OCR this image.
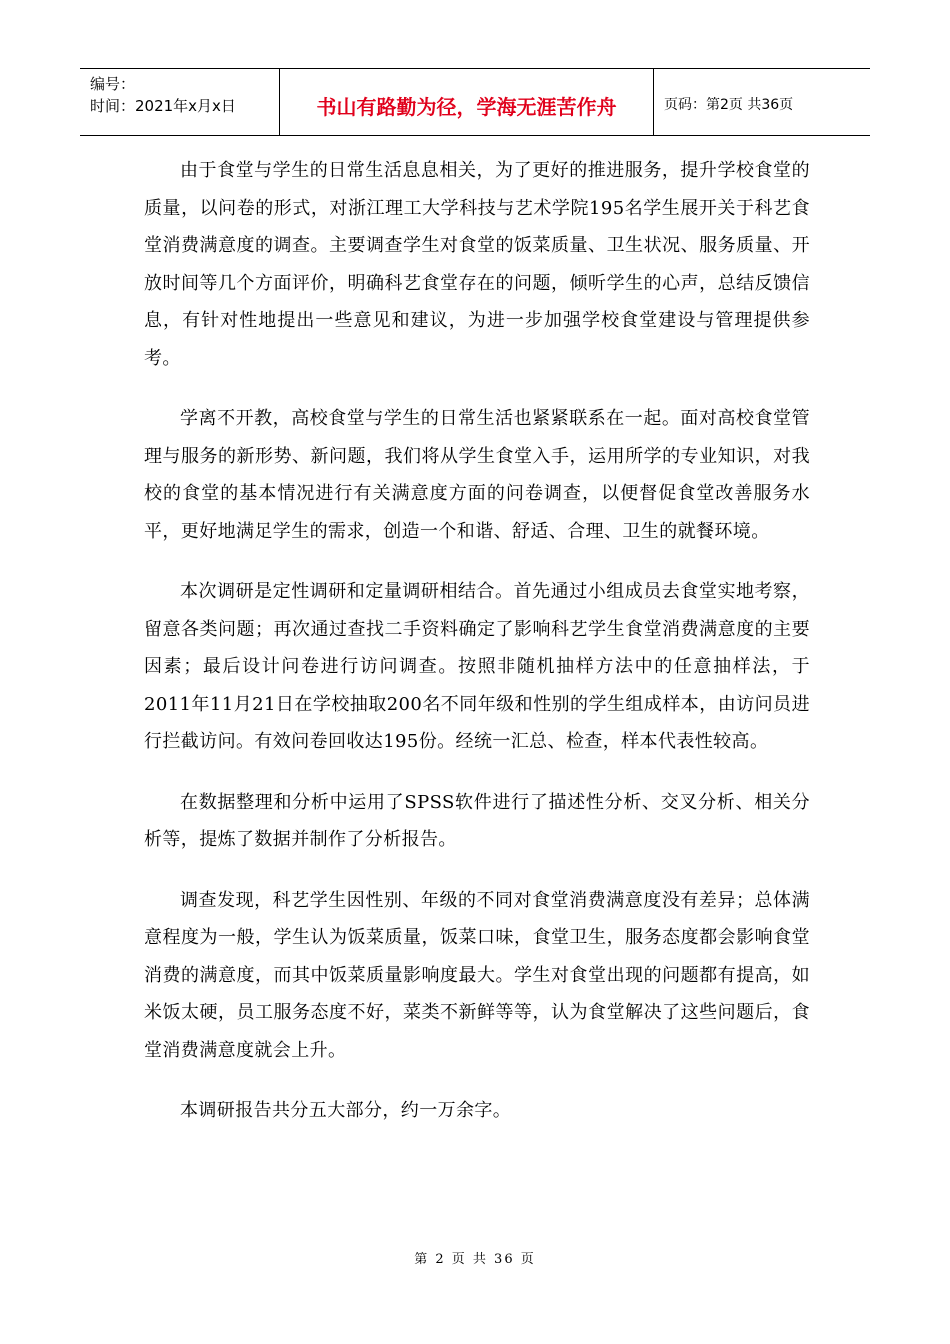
编号：
时间：2021年x月x日	书山有路勤为径，学海无涯苦作舟	页码：第2页 共36页

由于食堂与学生的日常生活息息相关，为了更好的推进服务，提升学校食堂的质量，以问卷的形式，对浙江理工大学科技与艺术学院195名学生展开关于科艺食堂消费满意度的调查。主要调查学生对食堂的饭菜质量、卫生状况、服务质量、开放时间等几个方面评价，明确科艺食堂存在的问题，倾听学生的心声，总结反馈信息，有针对性地提出一些意见和建议，为进一步加强学校食堂建设与管理提供参考。

学离不开教，高校食堂与学生的日常生活也紧紧联系在一起。面对高校食堂管理与服务的新形势、新问题，我们将从学生食堂入手，运用所学的专业知识，对我校的食堂的基本情况进行有关满意度方面的问卷调查，以便督促食堂改善服务水平，更好地满足学生的需求，创造一个和谐、舒适、合理、卫生的就餐环境。

本次调研是定性调研和定量调研相结合。首先通过小组成员去食堂实地考察，留意各类问题；再次通过查找二手资料确定了影响科艺学生食堂消费满意度的主要因素；最后设计问卷进行访问调查。按照非随机抽样方法中的任意抽样法，于2011年11月21日在学校抽取200名不同年级和性别的学生组成样本，由访问员进行拦截访问。有效问卷回收达195份。经统一汇总、检查，样本代表性较高。

在数据整理和分析中运用了SPSS软件进行了描述性分析、交叉分析、相关分析等，提炼了数据并制作了分析报告。

调查发现，科艺学生因性别、年级的不同对食堂消费满意度没有差异；总体满意程度为一般，学生认为饭菜质量，饭菜口味，食堂卫生，服务态度都会影响食堂消费的满意度，而其中饭菜质量影响度最大。学生对食堂出现的问题都有提高，如米饭太硬，员工服务态度不好，菜类不新鲜等等，认为食堂解决了这些问题后，食堂消费满意度就会上升。

本调研报告共分五大部分，约一万余字。

第 2 页 共 36 页
